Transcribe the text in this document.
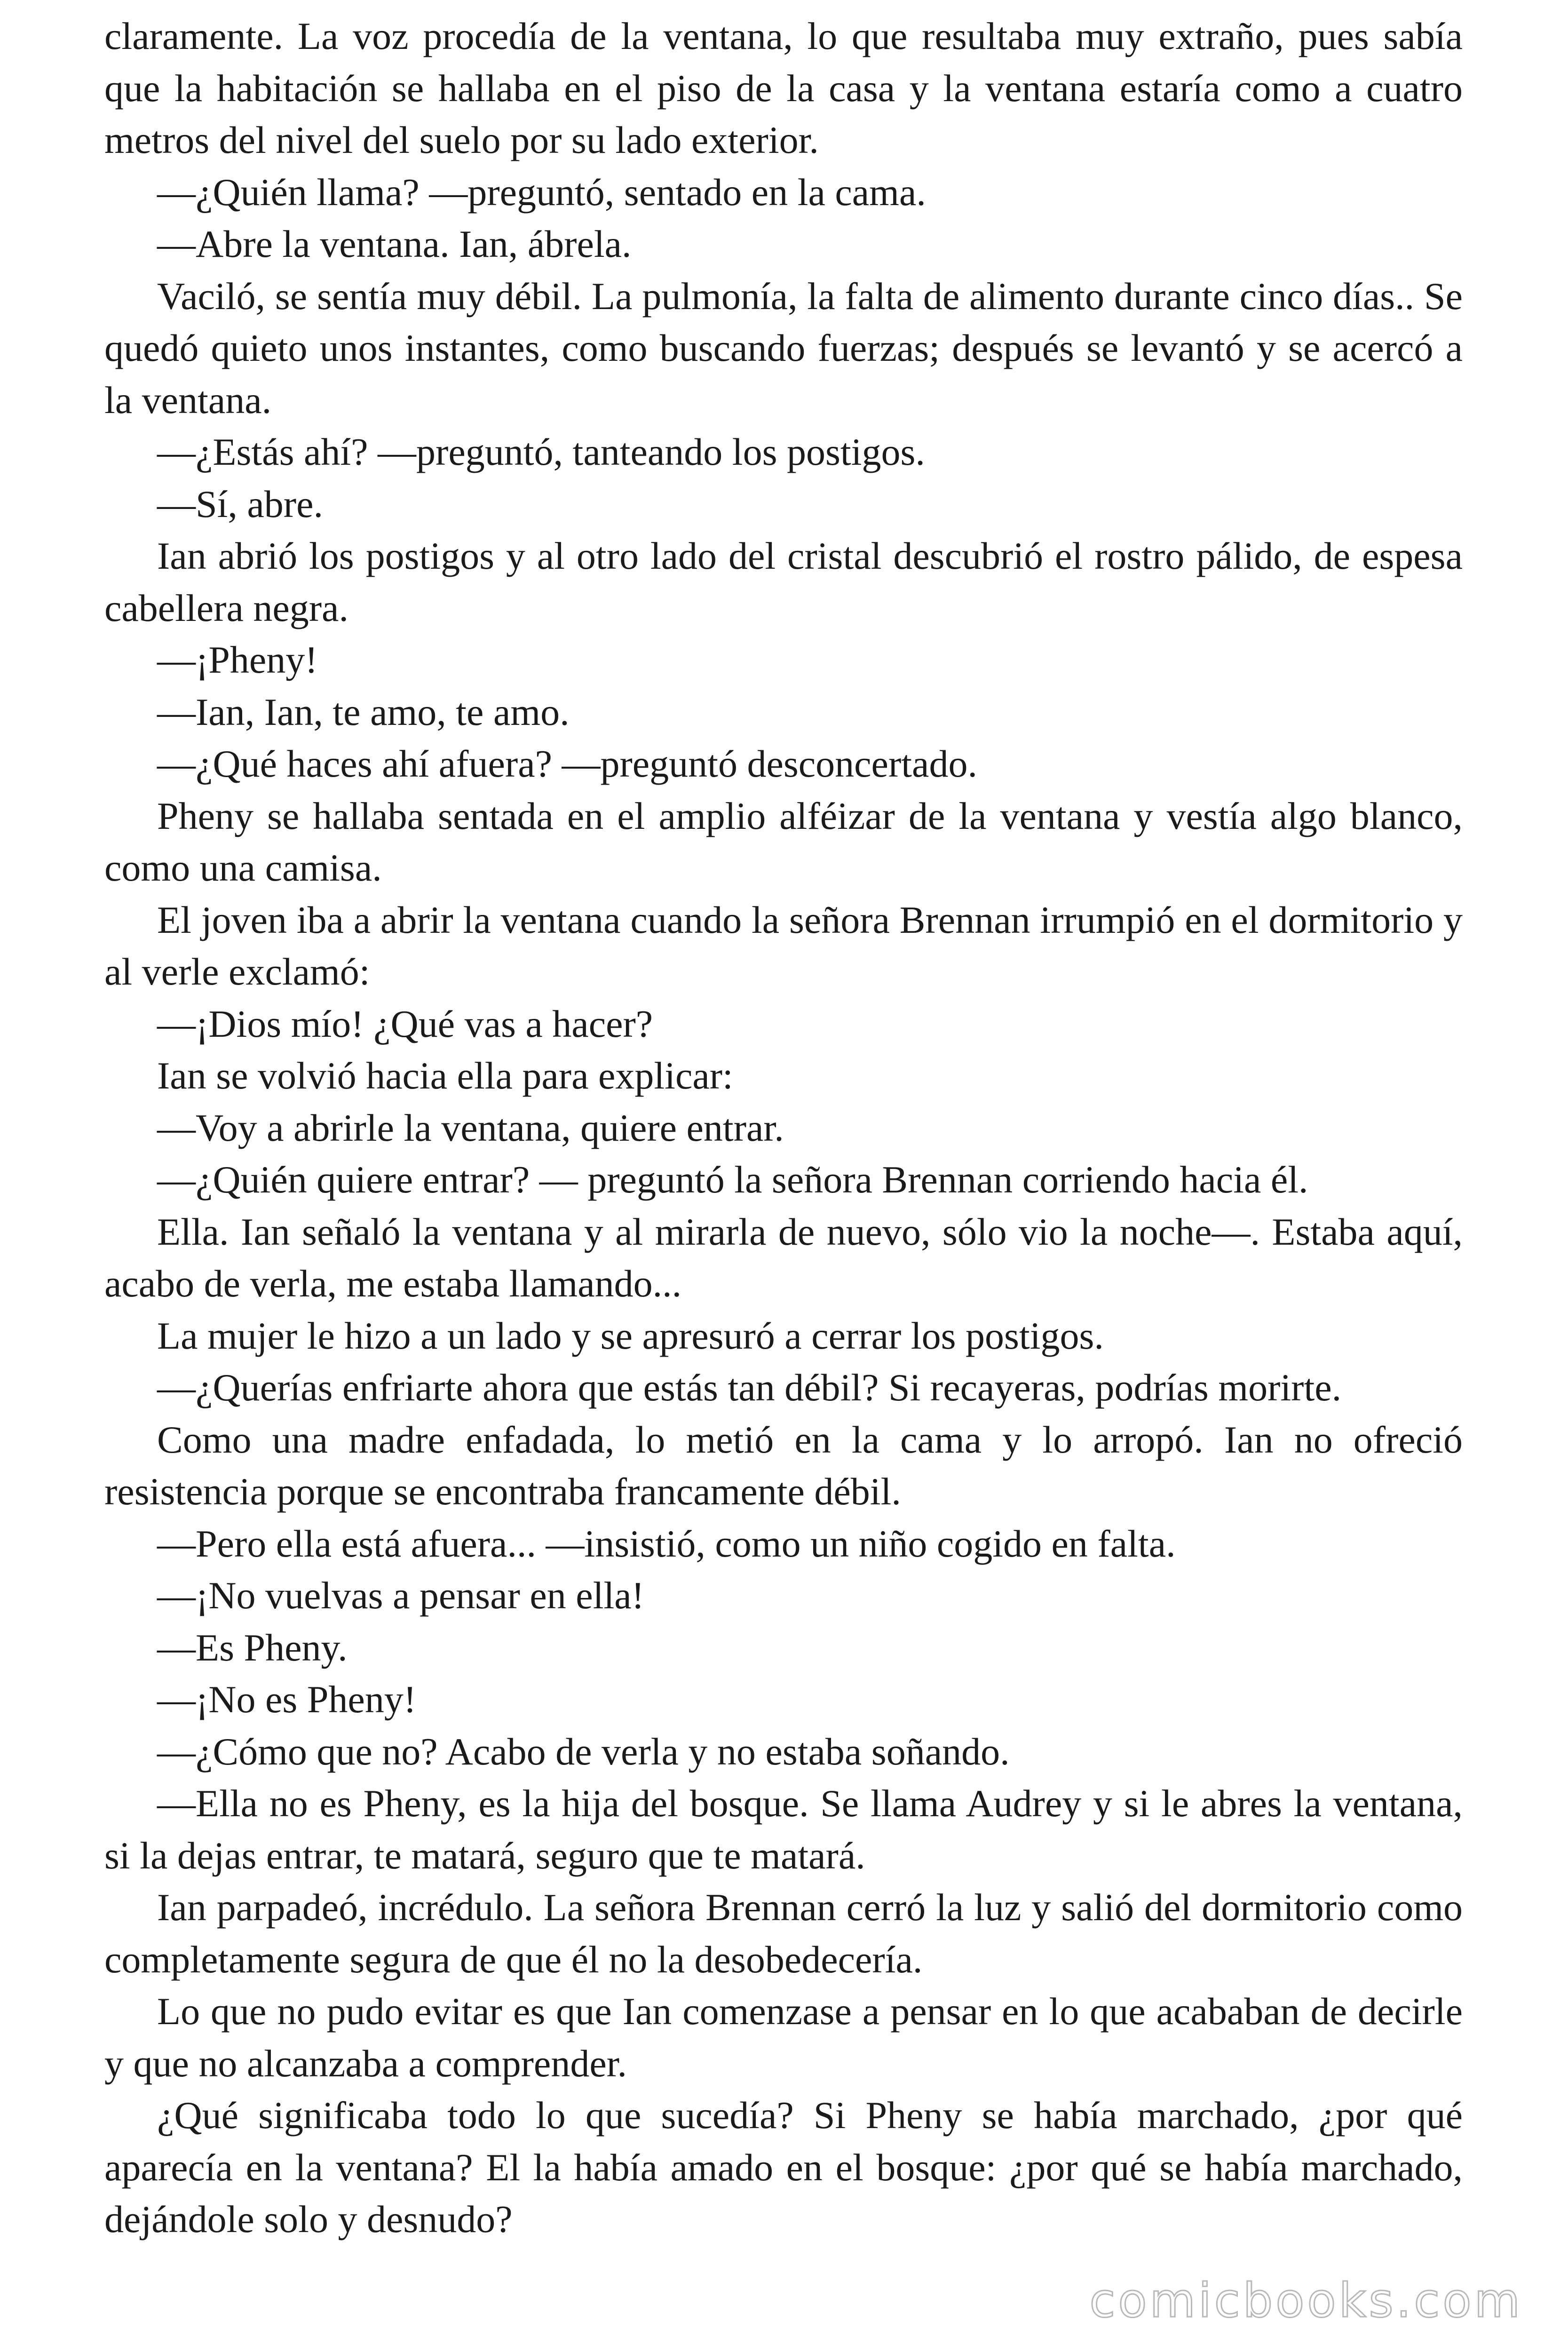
claramente. La voz procedía de la ventana, lo que resultaba muy extraño, pues sabía que la habitación se hallaba en el piso de la casa y la ventana estaría como a cuatro metros del nivel del suelo por su lado exterior.

—¿Quién llama? —preguntó, sentado en la cama.

—Abre la ventana. Ian, ábrela.

Vaciló, se sentía muy débil. La pulmonía, la falta de alimento durante cinco días.. Se quedó quieto unos instantes, como buscando fuerzas; después se levantó y se acercó a la ventana.

—¿Estás ahí? —preguntó, tanteando los postigos.

—Sí, abre.

Ian abrió los postigos y al otro lado del cristal descubrió el rostro pálido, de espesa cabellera negra.

—¡Pheny!

—Ian, Ian, te amo, te amo.

—¿Qué haces ahí afuera? —preguntó desconcertado.

Pheny se hallaba sentada en el amplio alféizar de la ventana y vestía algo blanco, como una camisa.

El joven iba a abrir la ventana cuando la señora Brennan irrumpió en el dormitorio y al verle exclamó:

—¡Dios mío! ¿Qué vas a hacer?

Ian se volvió hacia ella para explicar:

—Voy a abrirle la ventana, quiere entrar.

—¿Quién quiere entrar? — preguntó la señora Brennan corriendo hacia él.

Ella. Ian señaló la ventana y al mirarla de nuevo, sólo vio la noche—. Estaba aquí, acabo de verla, me estaba llamando...

La mujer le hizo a un lado y se apresuró a cerrar los postigos.

—¿Querías enfriarte ahora que estás tan débil? Si recayeras, podrías morirte.

Como una madre enfadada, lo metió en la cama y lo arropó. Ian no ofreció resistencia porque se encontraba francamente débil.

—Pero ella está afuera... —insistió, como un niño cogido en falta.

—¡No vuelvas a pensar en ella!

—Es Pheny.

—¡No es Pheny!

—¿Cómo que no? Acabo de verla y no estaba soñando.

—Ella no es Pheny, es la hija del bosque. Se llama Audrey y si le abres la ventana, si la dejas entrar, te matará, seguro que te matará.

Ian parpadeó, incrédulo. La señora Brennan cerró la luz y salió del dormitorio como completamente segura de que él no la desobedecería.

Lo que no pudo evitar es que Ian comenzase a pensar en lo que acababan de decirle y que no alcanzaba a comprender.

¿Qué significaba todo lo que sucedía? Si Pheny se había marchado, ¿por qué aparecía en la ventana? El la había amado en el bosque: ¿por qué se había marchado, dejándole solo y desnudo?

comicbooks.com
